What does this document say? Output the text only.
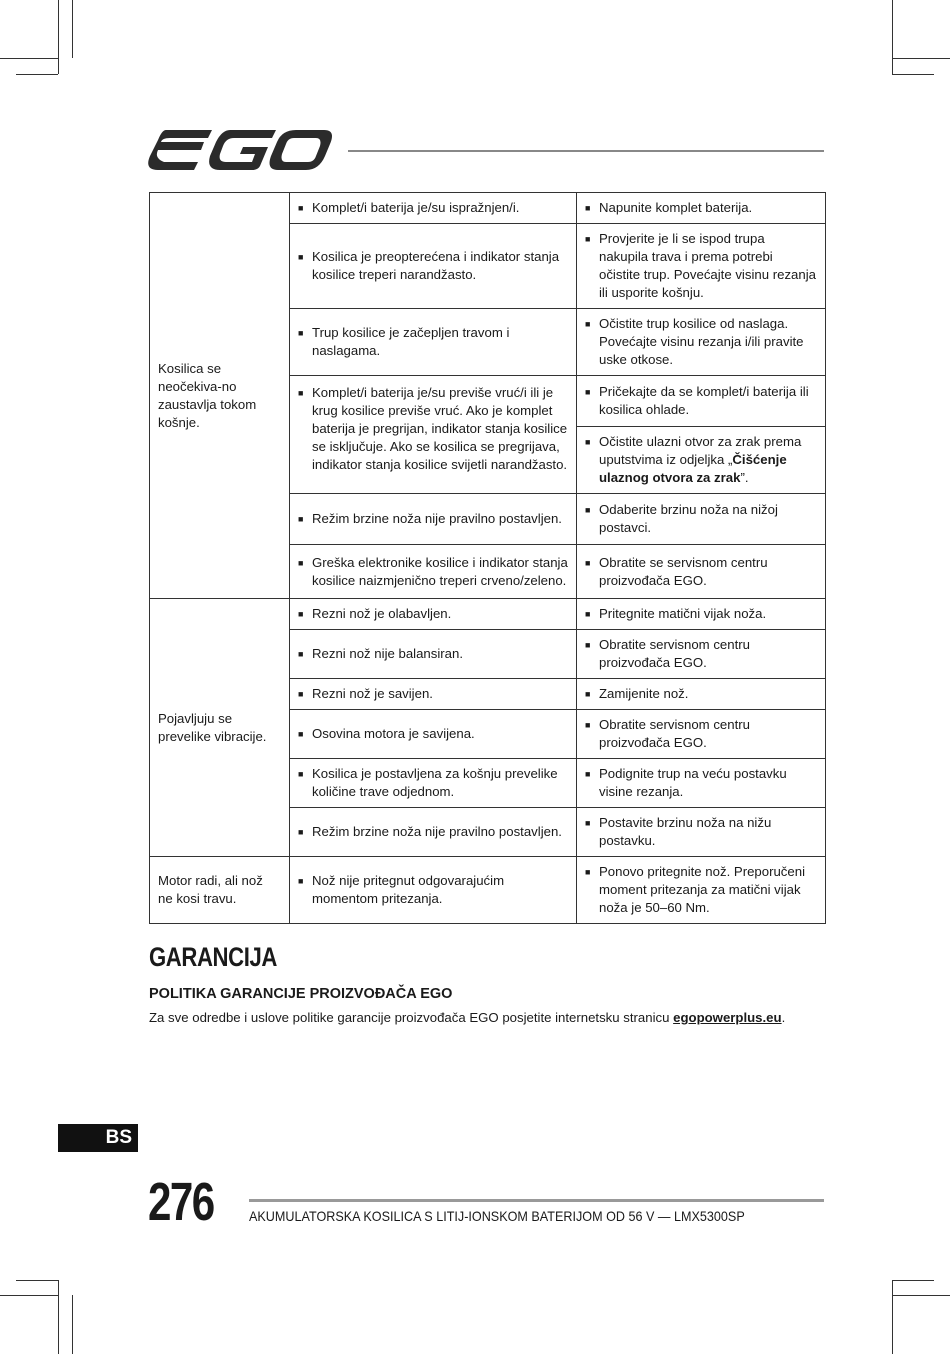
Kosilica se neočekiva-no zaustavlja tokom košnje.	■ Komplet/i baterija je/su ispražnjen/i.	■ Napunite komplet baterija.

	■ Kosilica je preopterećena i indikator stanja kosilice treperi narandžasto.	■ Provjerite je li se ispod trupa nakupila trava i prema potrebi očistite trup. Povećajte visinu rezanja ili usporite košnju.

	■ Trup kosilice je začepljen travom i naslagama.	■ Očistite trup kosilice od naslaga. Povećajte visinu rezanja i/ili pravite uske otkose.

	■ Komplet/i baterija je/su previše vruć/i ili je krug kosilice previše vruć. Ako je komplet baterija je pregrijan, indikator stanja kosilice se isključuje. Ako se kosilica se pregrijava, indikator stanja kosilice svijetli narandžasto.	■ Pričekajte da se komplet/i baterija ili kosilica ohlade.

		■ Očistite ulazni otvor za zrak prema uputstvima iz odjeljka „Čišćenje ulaznog otvora za zrak”.

	■ Režim brzine noža nije pravilno postavljen.	■ Odaberite brzinu noža na nižoj postavci.

	■ Greška elektronike kosilice i indikator stanja kosilice naizmjenično treperi crveno/zeleno.	■ Obratite se servisnom centru proizvođača EGO.

Pojavljuju se prevelike vibracije.	■ Rezni nož je olabavljen.	■ Pritegnite matični vijak noža.

	■ Rezni nož nije balansiran.	■ Obratite servisnom centru proizvođača EGO.

	■ Rezni nož je savijen.	■ Zamijenite nož.

	■ Osovina motora je savijena.	■ Obratite servisnom centru proizvođača EGO.

	■ Kosilica je postavljena za košnju prevelike količine trave odjednom.	■ Podignite trup na veću postavku visine rezanja.

	■ Režim brzine noža nije pravilno postavljen.	■ Postavite brzinu noža na nižu postavku.

Motor radi, ali nož ne kosi travu.	■ Nož nije pritegnut odgovarajućim momentom pritezanja.	■ Ponovo pritegnite nož. Preporučeni moment pritezanja za matični vijak noža je 50–60 Nm.
GARANCIJA
POLITIKA GARANCIJE PROIZVOĐAČA EGO

Za sve odredbe i uslove politike garancije proizvođača EGO posjetite internetsku stranicu egopowerplus.eu.

BS
276	AKUMULATORSKA KOSILICA S LITIJ-IONSKOM BATERIJOM OD 56 V — LMX5300SP
